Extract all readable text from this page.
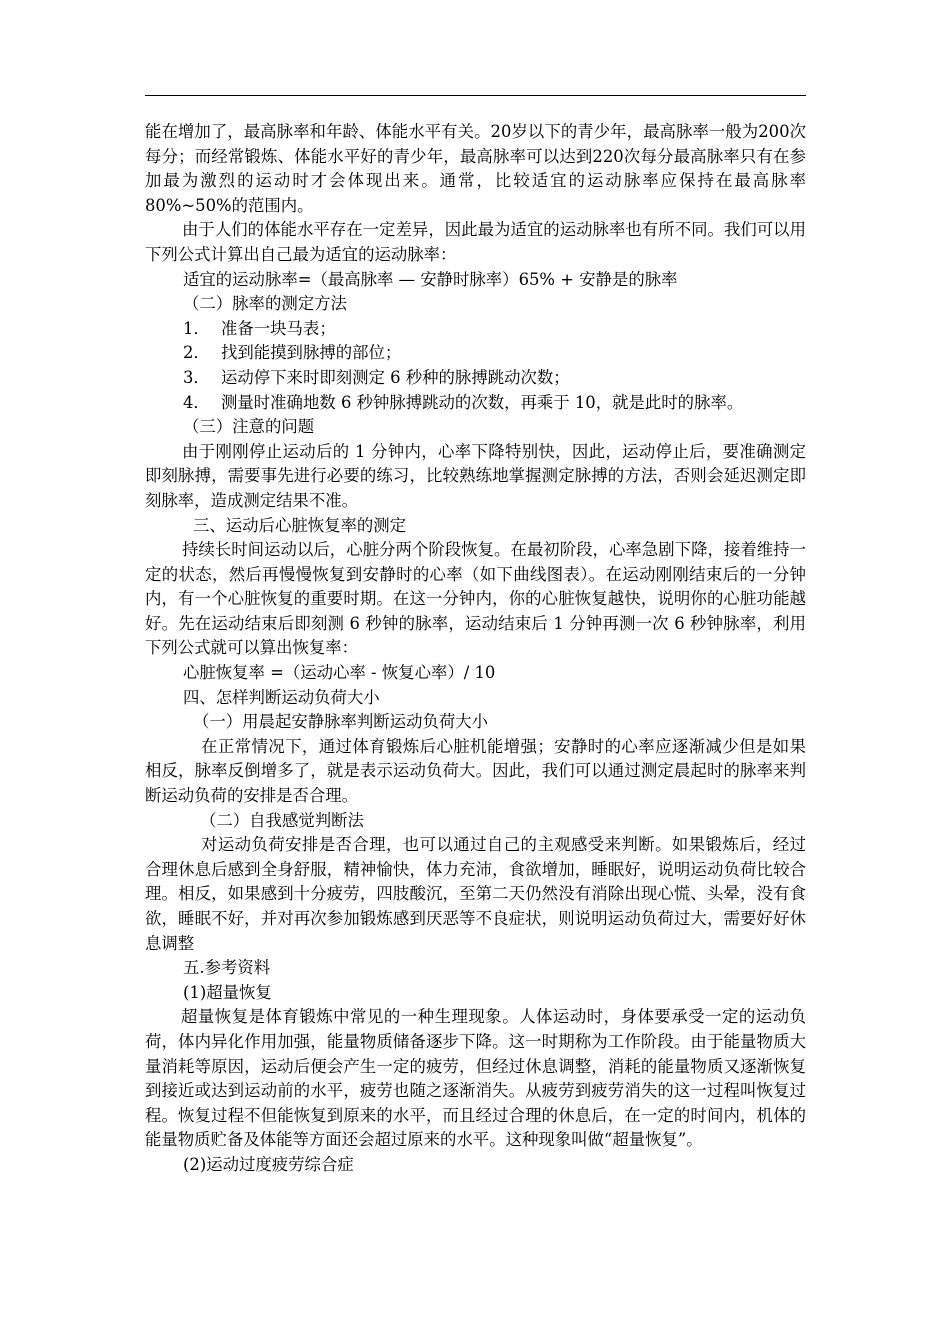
能在增加了，最高脉率和年龄、体能水平有关。20岁以下的青少年，最高脉率一般为200次每分；而经常锻炼、体能水平好的青少年，最高脉率可以达到220次每分最高脉率只有在参加最为激烈的运动时才会体现出来。通常，比较适宜的运动脉率应保持在最高脉率80%~50%的范围内。

由于人们的体能水平存在一定差异，因此最为适宜的运动脉率也有所不同。我们可以用下列公式计算出自己最为适宜的运动脉率：

适宜的运动脉率=（最高脉率 — 安静时脉率）65% + 安静是的脉率

（二）脉率的测定方法

1． 准备一块马表；

2． 找到能摸到脉搏的部位；

3． 运动停下来时即刻测定 6 秒种的脉搏跳动次数；

4． 测量时准确地数 6 秒钟脉搏跳动的次数，再乘于 10，就是此时的脉率。

（三）注意的问题

由于刚刚停止运动后的 1 分钟内，心率下降特别快，因此，运动停止后，要准确测定即刻脉搏，需要事先进行必要的练习，比较熟练地掌握测定脉搏的方法，否则会延迟测定即刻脉率，造成测定结果不准。

三、运动后心脏恢复率的测定

持续长时间运动以后，心脏分两个阶段恢复。在最初阶段，心率急剧下降，接着维持一定的状态，然后再慢慢恢复到安静时的心率（如下曲线图表）。在运动刚刚结束后的一分钟内，有一个心脏恢复的重要时期。在这一分钟内，你的心脏恢复越快，说明你的心脏功能越好。先在运动结束后即刻测 6 秒钟的脉率，运动结束后 1 分钟再测一次 6 秒钟脉率，利用下列公式就可以算出恢复率：

心脏恢复率 =（运动心率 - 恢复心率）/ 10

四、怎样判断运动负荷大小

（一）用晨起安静脉率判断运动负荷大小

在正常情况下，通过体育锻炼后心脏机能增强；安静时的心率应逐渐减少但是如果相反，脉率反倒增多了，就是表示运动负荷大。因此，我们可以通过测定晨起时的脉率来判断运动负荷的安排是否合理。

（二）自我感觉判断法

对运动负荷安排是否合理，也可以通过自己的主观感受来判断。如果锻炼后，经过合理休息后感到全身舒服，精神愉快，体力充沛，食欲增加，睡眠好，说明运动负荷比较合理。相反，如果感到十分疲劳，四肢酸沉，至第二天仍然没有消除出现心慌、头晕，没有食欲，睡眠不好，并对再次参加锻炼感到厌恶等不良症状，则说明运动负荷过大，需要好好休息调整

五.参考资料

(1)超量恢复

超量恢复是体育锻炼中常见的一种生理现象。人体运动时，身体要承受一定的运动负荷，体内异化作用加强，能量物质储备逐步下降。这一时期称为工作阶段。由于能量物质大量消耗等原因，运动后便会产生一定的疲劳，但经过休息调整，消耗的能量物质又逐渐恢复到接近或达到运动前的水平，疲劳也随之逐渐消失。从疲劳到疲劳消失的这一过程叫恢复过程。恢复过程不但能恢复到原来的水平，而且经过合理的休息后，在一定的时间内，机体的能量物质贮备及体能等方面还会超过原来的水平。这种现象叫做“超量恢复”。

(2)运动过度疲劳综合症
